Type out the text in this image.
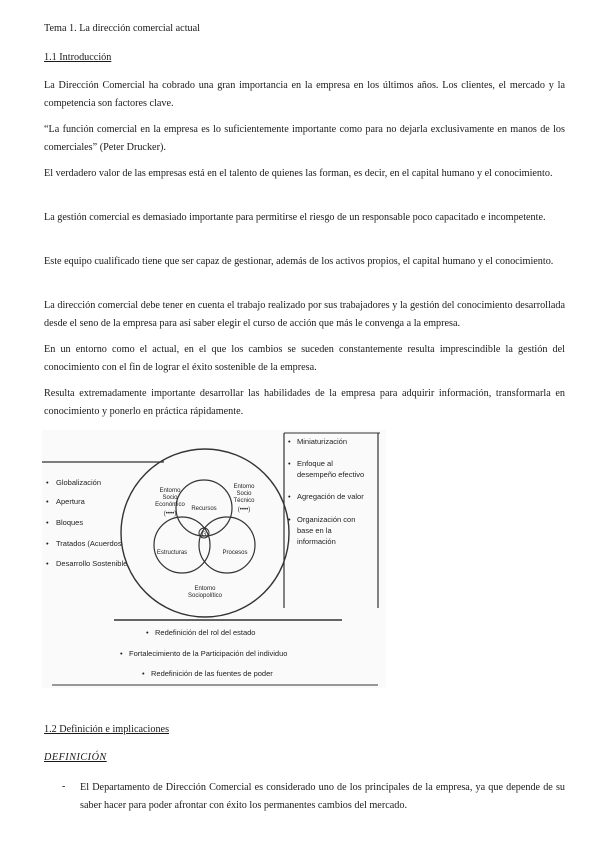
Tema 1. La dirección comercial actual

1.1 Introducción

La Dirección Comercial ha cobrado una gran importancia en la empresa en los últimos años. Los clientes, el mercado y la competencia son factores clave.

“La función comercial en la empresa es lo suficientemente importante como para no dejarla exclusivamente en manos de los comerciales” (Peter Drucker).

El verdadero valor de las empresas está en el talento de quienes las forman, es decir, en el capital humano y el conocimiento.

La gestión comercial es demasiado importante para permitirse el riesgo de un responsable poco capacitado e incompetente.

Este equipo cualificado tiene que ser capaz de gestionar, además de los activos propios, el capital humano y el conocimiento.

La dirección comercial debe tener en cuenta el trabajo realizado por sus trabajadores y la gestión del conocimiento desarrollada desde el seno de la empresa para así saber elegir el curso de acción que más le convenga a la empresa.

En un entorno como el actual, en el que los cambios se suceden constantemente resulta imprescindible la gestión del conocimiento con el fin de lograr el éxito sostenible de la empresa.

Resulta extremadamente importante desarrollar las habilidades de la empresa para adquirir información, transformarla en conocimiento y ponerlo en práctica rápidamente.

G
Recursos
Estructuras	Procesos
Entorno
Socio
Económico
(••••)
Entorno
Socio
Técnico
(••••)
Entorno
Sociopolítico
• Globalización
• Apertura
• Bloques
• Tratados (Acuerdos
• Desarrollo Sostenible
• Miniaturización
• Enfoque al
desempeño efectivo
• Agregación de valor
• Organización con
base en la
información
• Redefinición del rol del estado
• Fortalecimiento de la Participación del individuo
• Redefinición de las fuentes de poder

1.2 Definición e implicaciones

DEFINICIÓN

- El Departamento de Dirección Comercial es considerado uno de los principales de la empresa, ya que depende de su saber hacer para poder afrontar con éxito los permanentes cambios del mercado.
